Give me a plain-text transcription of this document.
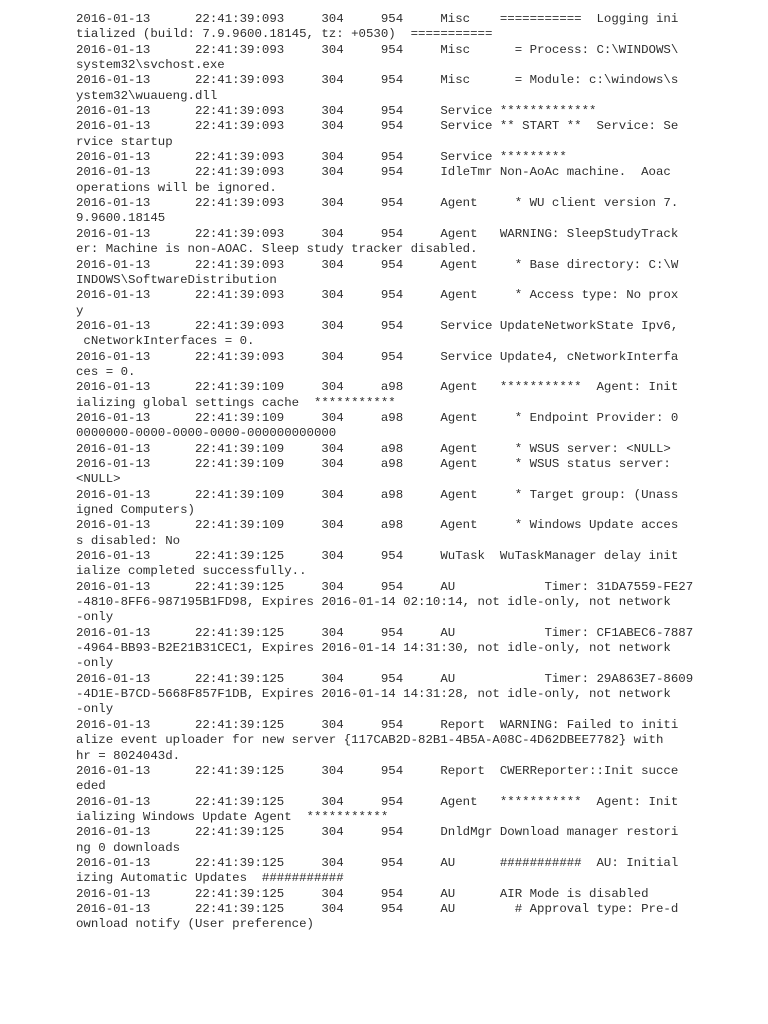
2016-01-13      22:41:39:093     304     954     Misc    ===========  Logging ini
tialized (build: 7.9.9600.18145, tz: +0530)  ===========
2016-01-13      22:41:39:093     304     954     Misc      = Process: C:\WINDOWS\
system32\svchost.exe
2016-01-13      22:41:39:093     304     954     Misc      = Module: c:\windows\s
ystem32\wuaueng.dll
2016-01-13      22:41:39:093     304     954     Service *************
2016-01-13      22:41:39:093     304     954     Service ** START **  Service: Se
rvice startup
2016-01-13      22:41:39:093     304     954     Service *********
2016-01-13      22:41:39:093     304     954     IdleTmr Non-AoAc machine.  Aoac
operations will be ignored.
2016-01-13      22:41:39:093     304     954     Agent     * WU client version 7.
9.9600.18145
2016-01-13      22:41:39:093     304     954     Agent   WARNING: SleepStudyTrack
er: Machine is non-AOAC. Sleep study tracker disabled.
2016-01-13      22:41:39:093     304     954     Agent     * Base directory: C:\W
INDOWS\SoftwareDistribution
2016-01-13      22:41:39:093     304     954     Agent     * Access type: No prox
y
2016-01-13      22:41:39:093     304     954     Service UpdateNetworkState Ipv6,
cNetworkInterfaces = 0.
2016-01-13      22:41:39:093     304     954     Service Update4, cNetworkInterfa
ces = 0.
2016-01-13      22:41:39:109     304     a98     Agent   ***********  Agent: Init
ializing global settings cache  ***********
2016-01-13      22:41:39:109     304     a98     Agent     * Endpoint Provider: 0
0000000-0000-0000-0000-000000000000
2016-01-13      22:41:39:109     304     a98     Agent     * WSUS server: <NULL>
2016-01-13      22:41:39:109     304     a98     Agent     * WSUS status server:
<NULL>
2016-01-13      22:41:39:109     304     a98     Agent     * Target group: (Unass
igned Computers)
2016-01-13      22:41:39:109     304     a98     Agent     * Windows Update acces
s disabled: No
2016-01-13      22:41:39:125     304     954     WuTask  WuTaskManager delay init
ialize completed successfully..
2016-01-13      22:41:39:125     304     954     AU            Timer: 31DA7559-FE27
-4810-8FF6-987195B1FD98, Expires 2016-01-14 02:10:14, not idle-only, not network
-only
2016-01-13      22:41:39:125     304     954     AU            Timer: CF1ABEC6-7887
-4964-BB93-B2E21B31CEC1, Expires 2016-01-14 14:31:30, not idle-only, not network
-only
2016-01-13      22:41:39:125     304     954     AU            Timer: 29A863E7-8609
-4D1E-B7CD-5668F857F1DB, Expires 2016-01-14 14:31:28, not idle-only, not network
-only
2016-01-13      22:41:39:125     304     954     Report  WARNING: Failed to initi
alize event uploader for new server {117CAB2D-82B1-4B5A-A08C-4D62DBEE7782} with
hr = 8024043d.
2016-01-13      22:41:39:125     304     954     Report  CWERReporter::Init succe
eded
2016-01-13      22:41:39:125     304     954     Agent   ***********  Agent: Init
ializing Windows Update Agent  ***********
2016-01-13      22:41:39:125     304     954     DnldMgr Download manager restori
ng 0 downloads
2016-01-13      22:41:39:125     304     954     AU      ###########  AU: Initial
izing Automatic Updates  ###########
2016-01-13      22:41:39:125     304     954     AU      AIR Mode is disabled
2016-01-13      22:41:39:125     304     954     AU        # Approval type: Pre-d
ownload notify (User preference)
